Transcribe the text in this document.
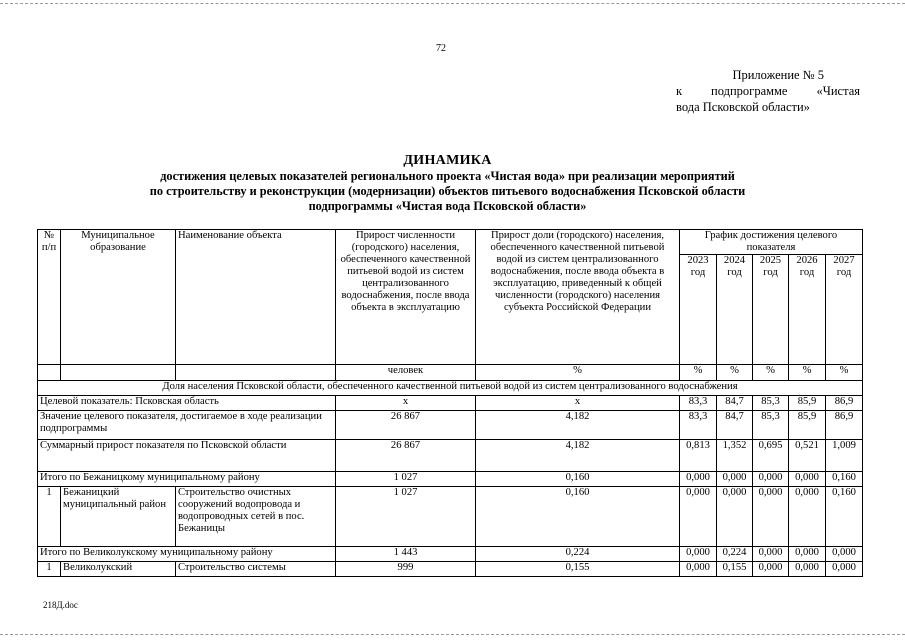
72
Приложение № 5
к подпрограмме «Чистая
вода Псковской области»
ДИНАМИКА
достижения целевых показателей регионального проекта «Чистая вода» при реализации мероприятий
по строительству и реконструкции (модернизации) объектов питьевого водоснабжения Псковской области
подпрограммы «Чистая вода Псковской области»
№ п/п	Муниципальное образование	Наименование объекта	Прирост численности (городского) населения, обеспеченного качественной питьевой водой из систем централизованного водоснабжения, после ввода объекта в эксплуатацию	Прирост доли (городского) населения, обеспеченного качественной питьевой водой из систем централизованного водоснабжения, после ввода объекта в эксплуатацию, приведенный к общей численности (городского) населения субъекта Российской Федерации	График достижения целевого показателя				
					2023 год	2024 год	2025 год	2026 год	2027 год
			человек	%	%	%	%	%	%
Доля населения Псковской области, обеспеченного качественной питьевой водой из систем централизованного водоснабжения									
Целевой показатель: Псковская область			х	х	83,3	84,7	85,3	85,9	86,9
Значение целевого показателя, достигаемое в ходе реализации подпрограммы			26 867	4,182	83,3	84,7	85,3	85,9	86,9
Суммарный прирост показателя по Псковской области			26 867	4,182	0,813	1,352	0,695	0,521	1,009
Итого по Бежаницкому муниципальному району			1 027	0,160	0,000	0,000	0,000	0,000	0,160
1	Бежаницкий муниципальный район	Строительство очистных сооружений водопровода и водопроводных сетей в пос. Бежаницы	1 027	0,160	0,000	0,000	0,000	0,000	0,160
Итого по Великолукскому муниципальному району			1 443	0,224	0,000	0,224	0,000	0,000	0,000
1	Великолукский	Строительство системы	999	0,155	0,000	0,155	0,000	0,000	0,000
218Д.doc
